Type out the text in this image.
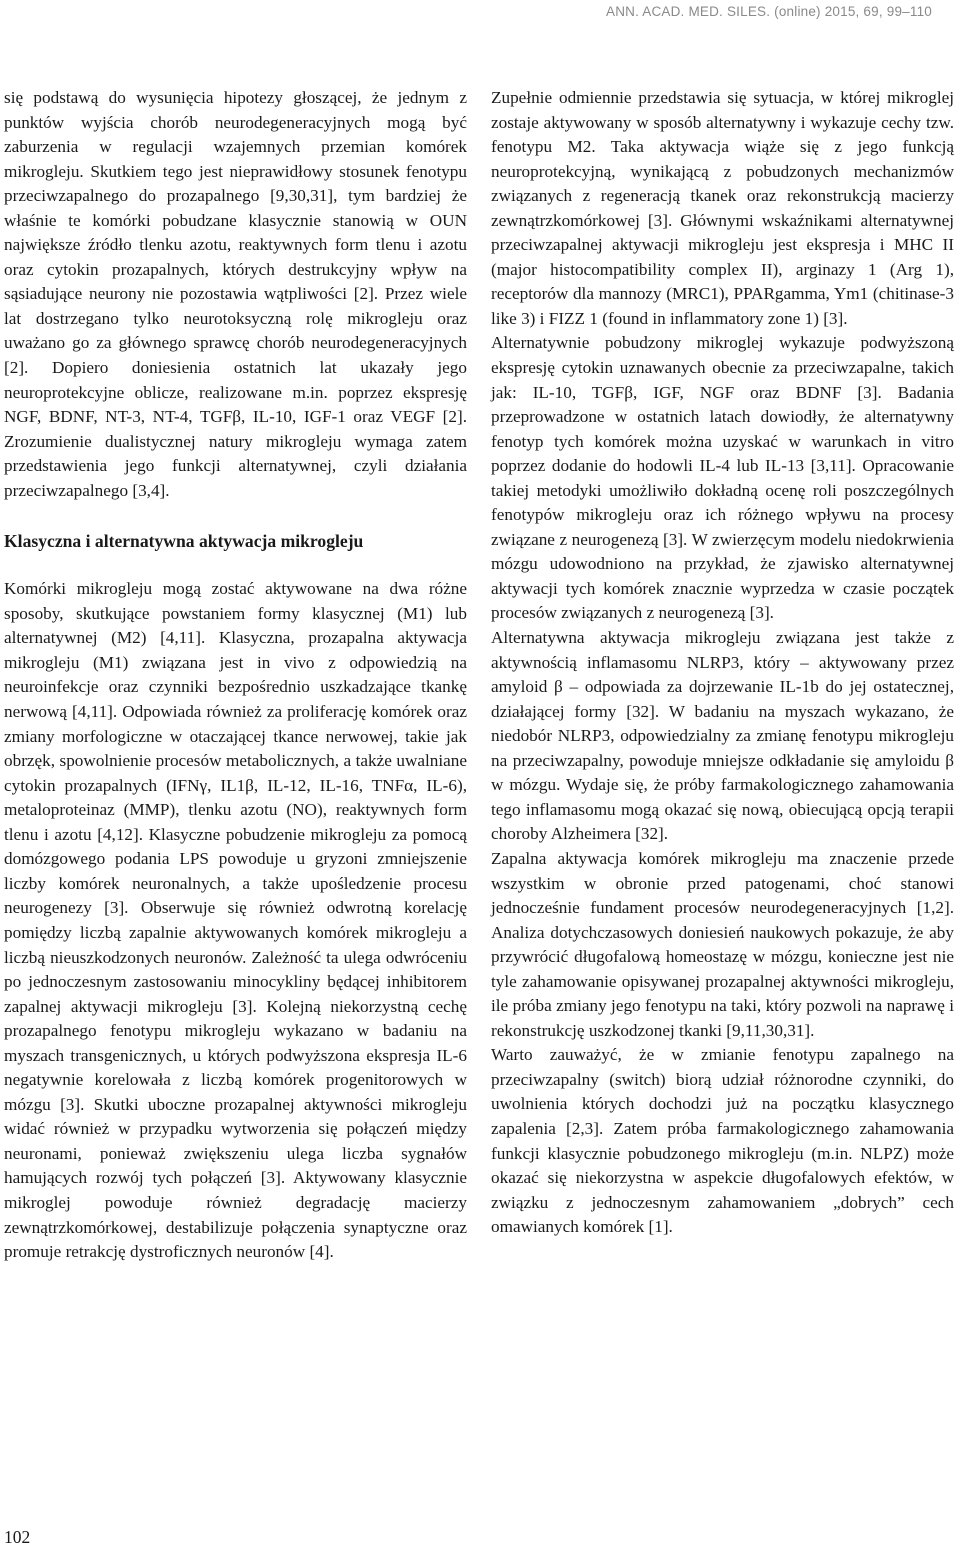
ANN. ACAD. MED. SILES. (online) 2015, 69, 99–110

się podstawą do wysunięcia hipotezy głoszącej, że jednym z punktów wyjścia chorób neurodegeneracyjnych mogą być zaburzenia w regulacji wzajemnych przemian komórek mikrogleju. Skutkiem tego jest nieprawidłowy stosunek fenotypu przeciwzapalnego do prozapalnego [9,30,31], tym bardziej że właśnie te komórki pobudzane klasycznie stanowią w OUN największe źródło tlenku azotu, reaktywnych form tlenu i azotu oraz cytokin prozapalnych, których destrukcyjny wpływ na sąsiadujące neurony nie pozostawia wątpliwości [2]. Przez wiele lat dostrzegano tylko neurotoksyczną rolę mikrogleju oraz uważano go za głównego sprawcę chorób neurodegeneracyjnych [2]. Dopiero doniesienia ostatnich lat ukazały jego neuroprotekcyjne oblicze, realizowane m.in. poprzez ekspresję NGF, BDNF, NT-3, NT-4, TGFβ, IL-10, IGF-1 oraz VEGF [2]. Zrozumienie dualistycznej natury mikrogleju wymaga zatem przedstawienia jego funkcji alternatywnej, czyli działania przeciwzapalnego [3,4].

Klasyczna i alternatywna aktywacja mikrogleju

Komórki mikrogleju mogą zostać aktywowane na dwa różne sposoby, skutkujące powstaniem formy klasycznej (M1) lub alternatywnej (M2) [4,11]. Klasyczna, prozapalna aktywacja mikrogleju (M1) związana jest in vivo z odpowiedzią na neuroinfekcje oraz czynniki bezpośrednio uszkadzające tkankę nerwową [4,11]. Odpowiada również za proliferację komórek oraz zmiany morfologiczne w otaczającej tkance nerwowej, takie jak obrzęk, spowolnienie procesów metabolicznych, a także uwalniane cytokin prozapalnych (IFNγ, IL1β, IL-12, IL-16, TNFα, IL-6), metaloproteinaz (MMP), tlenku azotu (NO), reaktywnych form tlenu i azotu [4,12]. Klasyczne pobudzenie mikrogleju za pomocą domózgowego podania LPS powoduje u gryzoni zmniejszenie liczby komórek neuronalnych, a także upośledzenie procesu neurogenezy [3]. Obserwuje się również odwrotną korelację pomiędzy liczbą zapalnie aktywowanych komórek mikrogleju a liczbą nieuszkodzonych neuronów. Zależność ta ulega odwróceniu po jednoczesnym zastosowaniu minocykliny będącej inhibitorem zapalnej aktywacji mikrogleju [3]. Kolejną niekorzystną cechę prozapalnego fenotypu mikrogleju wykazano w badaniu na myszach transgenicznych, u których podwyższona ekspresja IL-6 negatywnie korelowała z liczbą komórek progenitorowych w mózgu [3]. Skutki uboczne prozapalnej aktywności mikrogleju widać również w przypadku wytworzenia się połączeń między neuronami, ponieważ zwiększeniu ulega liczba sygnałów hamujących rozwój tych połączeń [3]. Aktywowany klasycznie mikroglej powoduje również degradację macierzy zewnątrzkomórkowej, destabilizuje połączenia synaptyczne oraz promuje retrakcję dystroficznych neuronów [4].

Zupełnie odmiennie przedstawia się sytuacja, w której mikroglej zostaje aktywowany w sposób alternatywny i wykazuje cechy tzw. fenotypu M2. Taka aktywacja wiąże się z jego funkcją neuroprotekcyjną, wynikającą z pobudzonych mechanizmów związanych z regeneracją tkanek oraz rekonstrukcją macierzy zewnątrzkomórkowej [3]. Głównymi wskaźnikami alternatywnej przeciwzapalnej aktywacji mikrogleju jest ekspresja i MHC II (major histocompatibility complex II), arginazy 1 (Arg 1), receptorów dla mannozy (MRC1), PPARgamma, Ym1 (chitinase-3 like 3) i FIZZ 1 (found in inflammatory zone 1) [3].

Alternatywnie pobudzony mikroglej wykazuje podwyższoną ekspresję cytokin uznawanych obecnie za przeciwzapalne, takich jak: IL-10, TGFβ, IGF, NGF oraz BDNF [3]. Badania przeprowadzone w ostatnich latach dowiodły, że alternatywny fenotyp tych komórek można uzyskać w warunkach in vitro poprzez dodanie do hodowli IL-4 lub IL-13 [3,11]. Opracowanie takiej metodyki umożliwiło dokładną ocenę roli poszczególnych fenotypów mikrogleju oraz ich różnego wpływu na procesy związane z neurogenezą [3]. W zwierzęcym modelu niedokrwienia mózgu udowodniono na przykład, że zjawisko alternatywnej aktywacji tych komórek znacznie wyprzedza w czasie początek procesów związanych z neurogenezą [3].

Alternatywna aktywacja mikrogleju związana jest także z aktywnością inflamasomu NLRP3, który – aktywowany przez amyloid β – odpowiada za dojrzewanie IL-1b do jej ostatecznej, działającej formy [32]. W badaniu na myszach wykazano, że niedobór NLRP3, odpowiedzialny za zmianę fenotypu mikrogleju na przeciwzapalny, powoduje mniejsze odkładanie się amyloidu β w mózgu. Wydaje się, że próby farmakologicznego zahamowania tego inflamasomu mogą okazać się nową, obiecującą opcją terapii choroby Alzheimera [32].

Zapalna aktywacja komórek mikrogleju ma znaczenie przede wszystkim w obronie przed patogenami, choć stanowi jednocześnie fundament procesów neurodegeneracyjnych [1,2]. Analiza dotychczasowych doniesień naukowych pokazuje, że aby przywrócić długofalową homeostazę w mózgu, konieczne jest nie tyle zahamowanie opisywanej prozapalnej aktywności mikrogleju, ile próba zmiany jego fenotypu na taki, który pozwoli na naprawę i rekonstrukcję uszkodzonej tkanki [9,11,30,31].

Warto zauważyć, że w zmianie fenotypu zapalnego na przeciwzapalny (switch) biorą udział różnorodne czynniki, do uwolnienia których dochodzi już na początku klasycznego zapalenia [2,3]. Zatem próba farmakologicznego zahamowania funkcji klasycznie pobudzonego mikrogleju (m.in. NLPZ) może okazać się niekorzystna w aspekcie długofalowych efektów, w związku z jednoczesnym zahamowaniem „dobrych” cech omawianych komórek [1].

102
